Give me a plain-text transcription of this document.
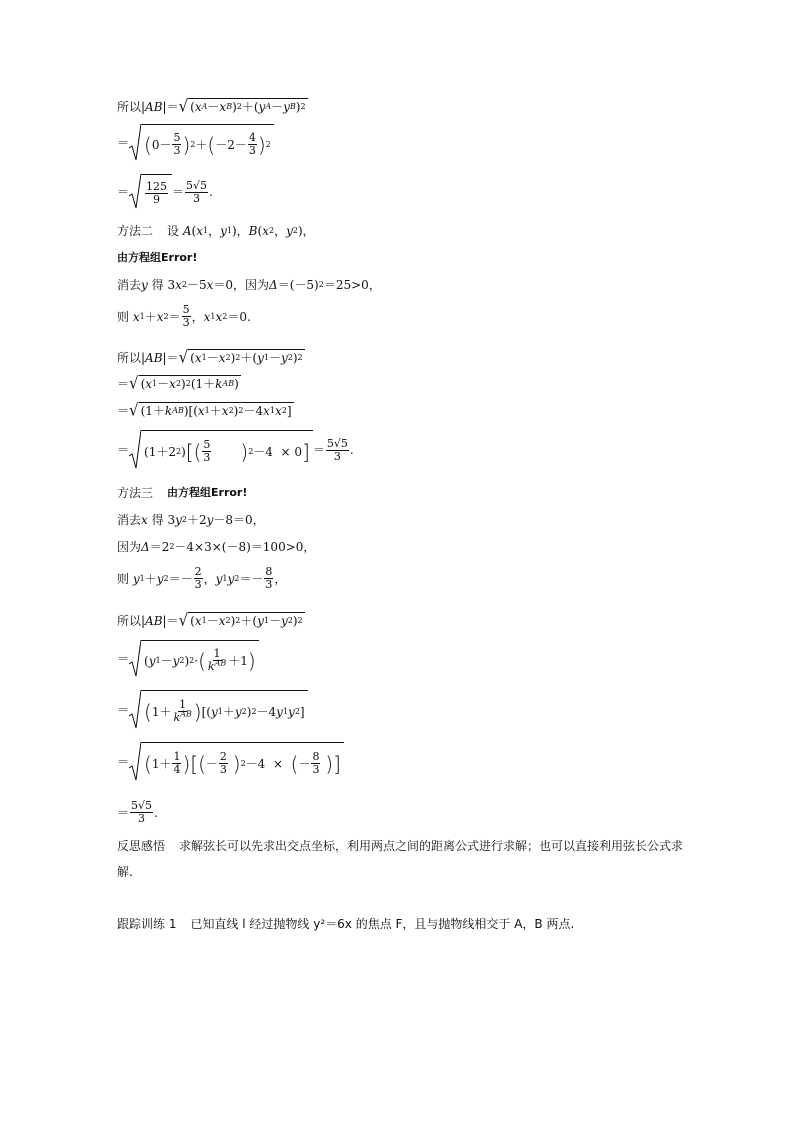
所以| AB |＝ √ ( x A － x B ) 2 ＋( y A － y B ) 2
＝ ( $0- \frac{5}{3}$ ) 2 ＋ ( $-2- \frac{4}{3}$ ) 2
＝ $\frac{125}{9} = \frac{5√5}{3}$ .
方法二 设
A ( x 1 ， y 1 )， B ( x 2 ， y 2 )，
由方程组Error!
消去 y
得 3 x 2 －5 x ＝0， 因为 Δ ＝(－5) 2 ＝25>0，
则
x 1 ＋ x $2 = \frac{5}{3}$ ， x 1 x 2 ＝0.
所以| AB |＝ √ ( x 1 － x 2 ) 2 ＋( y 1 － y 2 ) 2
＝ √ ( x 1 － x 2 ) 2 (1＋ k AB )
＝ √ (1＋ k AB )[( x 1 ＋ x 2 ) 2 －4 x 1 x 2 ]
＝ (1＋2 2 ) [ ( $\frac{5}{3}$ ) 2 －4  × 0 ] ＝ $\frac{5√5}{3}$ .
方法三 由方程组Error!
消去 x
得 3 y 2 ＋2 y －8＝0，
因为 Δ ＝2 2 －4×3×(－8)＝100>0，
则
y 1 ＋ y $2 =- \frac{2}{3}$ ， y 1 y $2 =- \frac{8}{3}$ ，
所以| AB |＝ √ ( x 1 － x 2 ) 2 ＋( y 1 － y 2 ) 2
＝ ( y 1 － y 2 ) 2 · ( $\frac{1}{k^{AB}} +1$ )
＝ ( $1+ \frac{1}{k^{AB}}$ ) [( y 1 ＋ y 2 ) 2 －4 y 1 y 2 ]
＝ ( $1+ \frac{1}{4}$ ) [ ( － $\frac{2}{3}$
) 2 －4  × ( － $\frac{8}{3}$
) ]
＝ $\frac{5√5}{3}$ .
反思感悟 求解弦长可以先求出交点坐标，利用两点之间的距离公式进行求解；也可以直接利用弦长公式求解.
跟踪训练 1 已知直线 l 经过抛物线 y²＝6x 的焦点 F，且与抛物线相交于 A，B 两点.
